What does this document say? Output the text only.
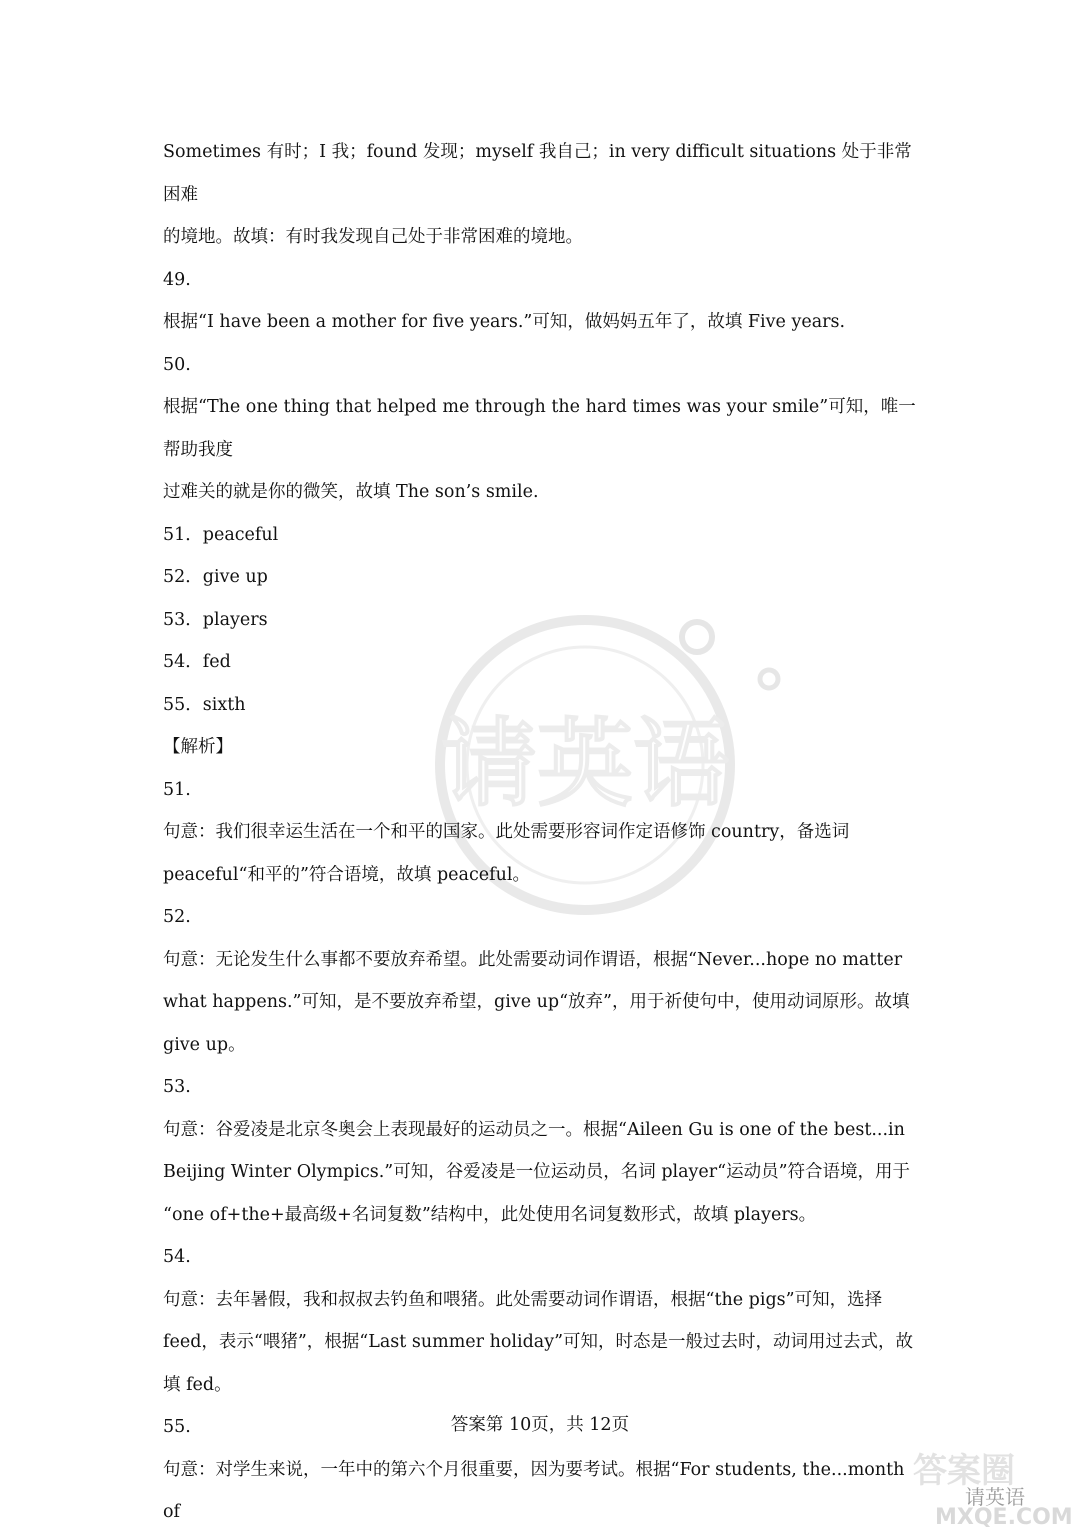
请英语

Sometimes 有时；I 我；found 发现；myself 我自己；in very difficult situations 处于非常困难

的境地。故填：有时我发现自己处于非常困难的境地。

49.

根据“I have been a mother for five years.”可知，做妈妈五年了，故填 Five years.

50.

根据“The one thing that helped me through the hard times was your smile”可知，唯一帮助我度

过难关的就是你的微笑，故填 The son’s smile.

51．peaceful

52．give up

53．players

54．fed

55．sixth

【解析】

51.

句意：我们很幸运生活在一个和平的国家。此处需要形容词作定语修饰 country，备选词

peaceful“和平的”符合语境，故填 peaceful。

52.

句意：无论发生什么事都不要放弃希望。此处需要动词作谓语，根据“Never...hope no matter

what happens.”可知，是不要放弃希望，give up“放弃”，用于祈使句中，使用动词原形。故填

give up。

53.

句意：谷爱凌是北京冬奥会上表现最好的运动员之一。根据“Aileen Gu is one of the best...in

Beijing Winter Olympics.”可知，谷爱凌是一位运动员，名词 player“运动员”符合语境，用于

“one of+the+最高级+名词复数”结构中，此处使用名词复数形式，故填 players。

54.

句意：去年暑假，我和叔叔去钓鱼和喂猪。此处需要动词作谓语，根据“the pigs”可知，选择

feed，表示“喂猪”，根据“Last summer holiday”可知，时态是一般过去时，动词用过去式，故

填 fed。

55.

句意：对学生来说，一年中的第六个月很重要，因为要考试。根据“For students, the...month of

答案第 10页，共 12页
答案圈
请英语
MXQE.COM
